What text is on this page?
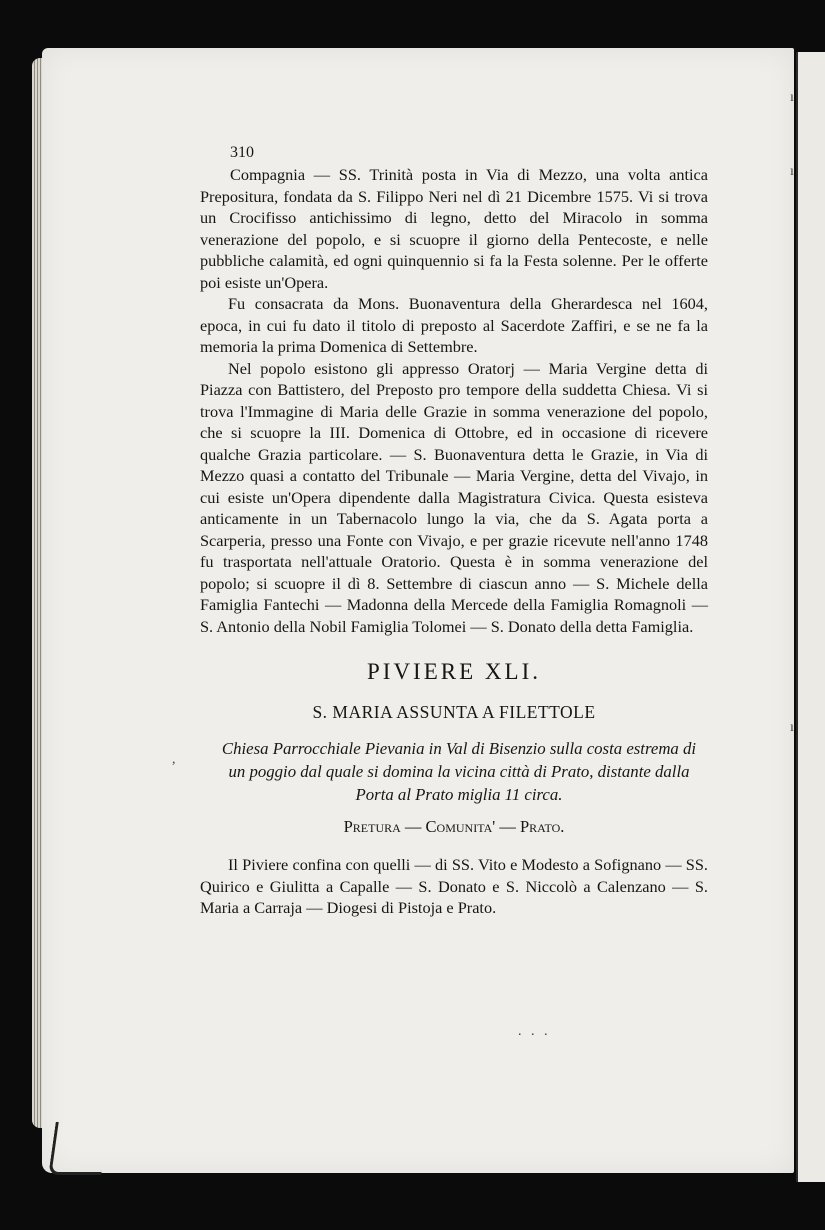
ı
ı
ı
,
310

Compagnia — SS. Trinità posta in Via di Mezzo, una volta antica Prepositura, fondata da S. Filippo Neri nel dì 21 Dicembre 1575. Vi si trova un Crocifisso antichissimo di legno, detto del Miracolo in somma venerazione del popolo, e si scuopre il giorno della Pentecoste, e nelle pubbliche calamità, ed ogni quinquennio si fa la Festa solenne. Per le offerte poi esiste un'Opera.

Fu consacrata da Mons. Buonaventura della Gherardesca nel 1604, epoca, in cui fu dato il titolo di preposto al Sacerdote Zaffiri, e se ne fa la memoria la prima Domenica di Settembre.

Nel popolo esistono gli appresso Oratorj — Maria Vergine detta di Piazza con Battistero, del Preposto pro tempore della suddetta Chiesa. Vi si trova l'Immagine di Maria delle Grazie in somma venerazione del popolo, che si scuopre la III. Domenica di Ottobre, ed in occasione di ricevere qualche Grazia particolare. — S. Buonaventura detta le Grazie, in Via di Mezzo quasi a contatto del Tribunale — Maria Vergine, detta del Vivajo, in cui esiste un'Opera dipendente dalla Magistratura Civica. Questa esisteva anticamente in un Tabernacolo lungo la via, che da S. Agata porta a Scarperia, presso una Fonte con Vivajo, e per grazie ricevute nell'anno 1748 fu trasportata nell'attuale Oratorio. Questa è in somma venerazione del popolo; si scuopre il dì 8. Settembre di ciascun anno — S. Michele della Famiglia Fantechi — Madonna della Mercede della Famiglia Romagnoli — S. Antonio della Nobil Famiglia Tolomei — S. Donato della detta Famiglia.

PIVIERE XLI.
S. MARIA ASSUNTA A FILETTOLE
Chiesa Parrocchiale Pievania in Val di Bisenzio sulla costa estrema di un poggio dal quale si domina la vicina città di Prato, distante dalla Porta al Prato miglia 11 circa.
Pretura — Comunita' — Prato.

Il Piviere confina con quelli — di SS. Vito e Modesto a Sofignano — SS. Quirico e Giulitta a Capalle — S. Donato e S. Niccolò a Calenzano — S. Maria a Carraja — Diogesi di Pistoja e Prato.

. . .
